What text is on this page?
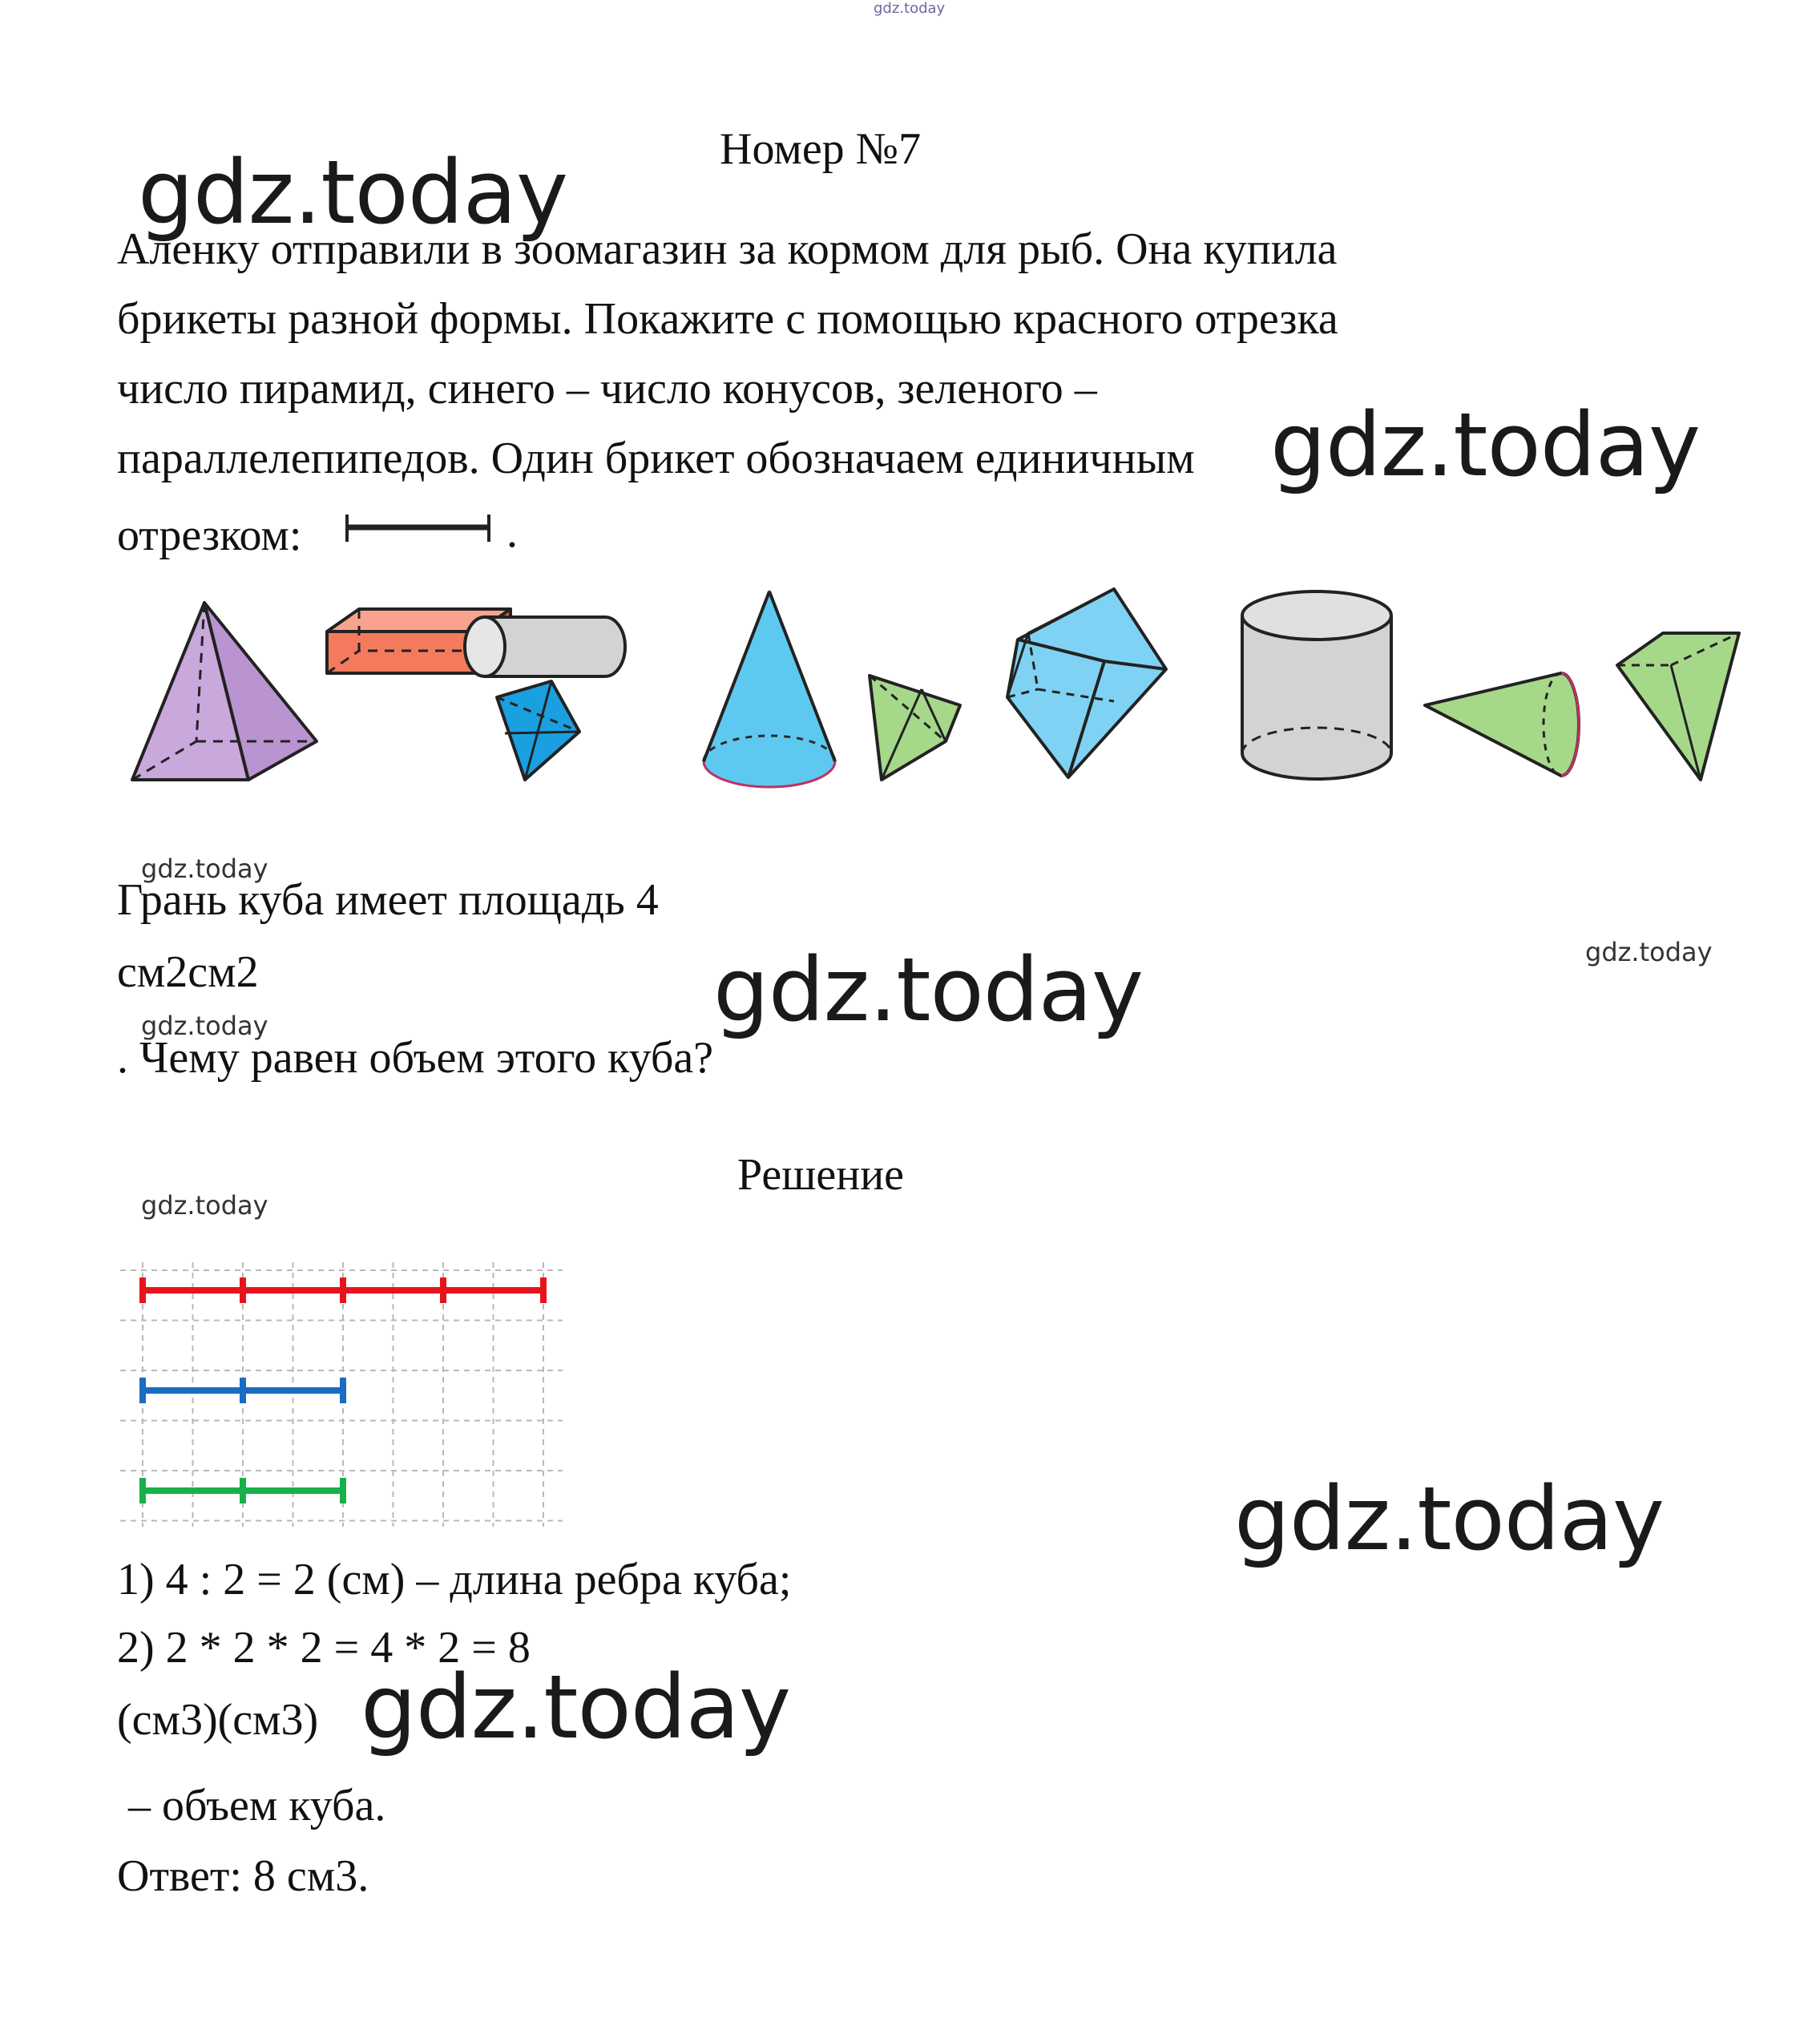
gdz.today
Номер №7

Аленку отправили в зоомагазин за кормом для рыб. Она купила

брикеты разной формы. Покажите с помощью красного отрезка

число пирамид, синего – число конусов, зеленого –

параллелепипедов. Один брикет обозначаем единичным

отрезком:	.
gdz.today

Грань куба имеет площадь 4

см2см2

gdz.today

. Чему равен объем этого куба?

gdz.today
Решение
gdz.today

1) 4 : 2 = 2 (см) – длина ребра куба;

2) 2 * 2 * 2 = 4 * 2 = 8

(см3)(см3)

– объем куба.

Ответ: 8 см3.

gdz.today
gdz.today
gdz.today
gdz.today
gdz.today
